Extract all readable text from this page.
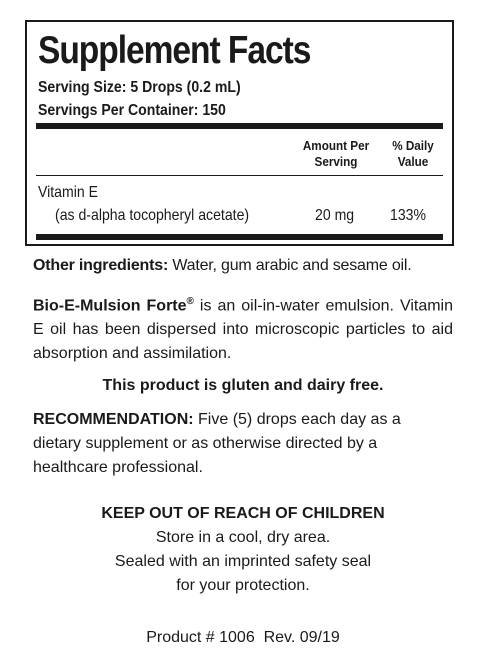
Supplement Facts
Serving Size: 5 Drops (0.2 mL)
Servings Per Container: 150
Amount Per
Serving
% Daily
Value
Vitamin E
(as d-alpha tocopheryl acetate)	20 mg 133%

Other ingredients: Water, gum arabic and sesame oil.

Bio-E-Mulsion Forte® is an oil-in-water emulsion. Vitamin E oil has been dispersed into microscopic particles to aid absorption and assimilation.

This product is gluten and dairy free.

RECOMMENDATION: Five (5) drops each day as a dietary supplement or as otherwise directed by a healthcare professional.

KEEP OUT OF REACH OF CHILDREN
Store in a cool, dry area.
Sealed with an imprinted safety seal
for your protection.
Product # 1006  Rev. 09/19
